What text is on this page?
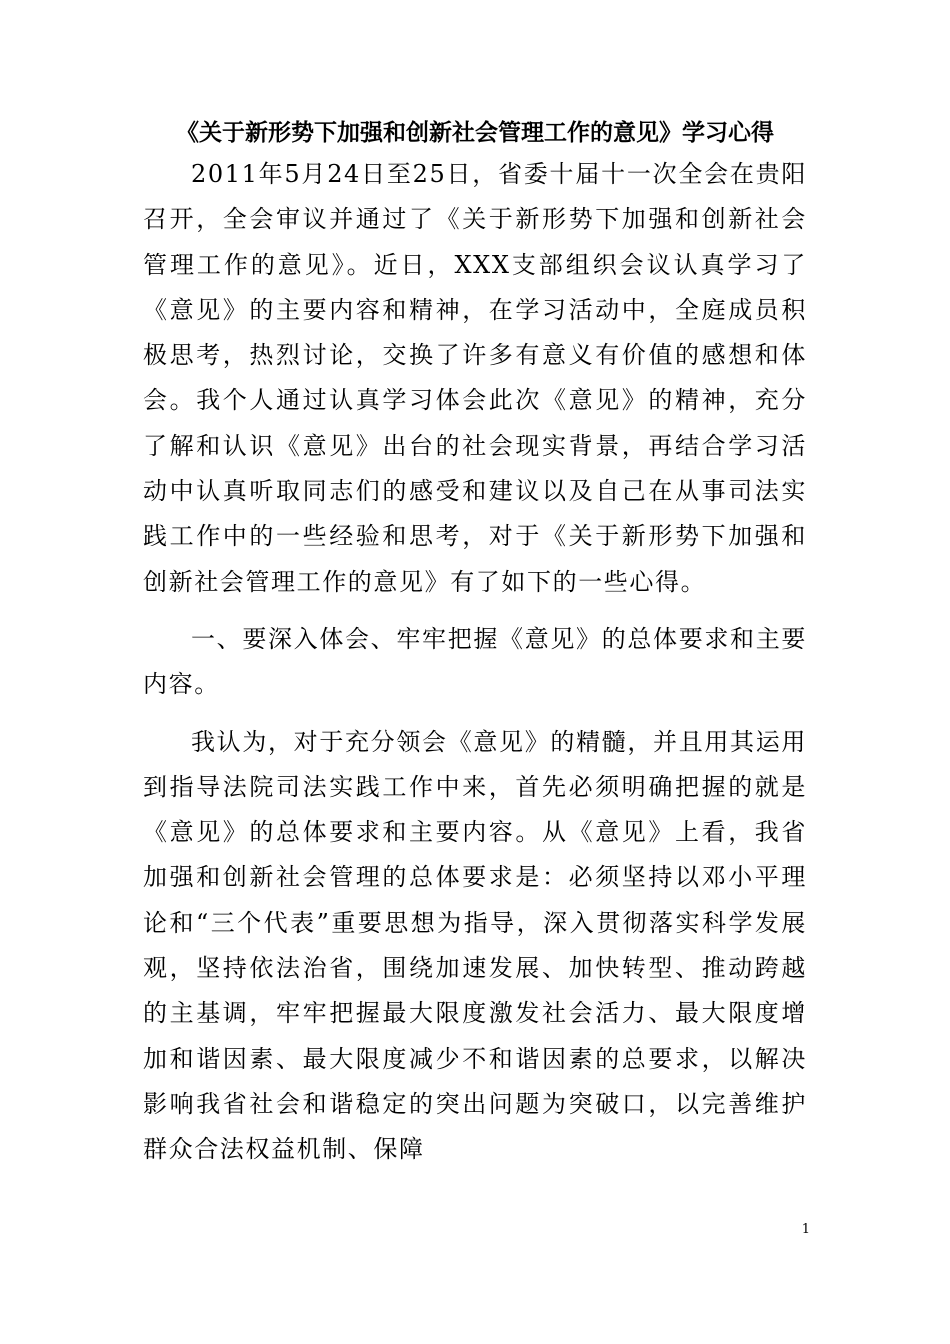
《关于新形势下加强和创新社会管理工作的意见》学习心得

2011年5月24日至25日，省委十届十一次全会在贵阳召开，全会审议并通过了《关于新形势下加强和创新社会管理工作的意见》。近日，XXX支部组织会议认真学习了《意见》的主要内容和精神，在学习活动中，全庭成员积极思考，热烈讨论，交换了许多有意义有价值的感想和体会。我个人通过认真学习体会此次《意见》的精神，充分了解和认识《意见》出台的社会现实背景，再结合学习活动中认真听取同志们的感受和建议以及自己在从事司法实践工作中的一些经验和思考，对于《关于新形势下加强和创新社会管理工作的意见》有了如下的一些心得。

一、要深入体会、牢牢把握《意见》的总体要求和主要内容。

我认为，对于充分领会《意见》的精髓，并且用其运用到指导法院司法实践工作中来，首先必须明确把握的就是《意见》的总体要求和主要内容。从《意见》上看，我省加强和创新社会管理的总体要求是：必须坚持以邓小平理论和“三个代表”重要思想为指导，深入贯彻落实科学发展观，坚持依法治省，围绕加速发展、加快转型、推动跨越的主基调，牢牢把握最大限度激发社会活力、最大限度增加和谐因素、最大限度减少不和谐因素的总要求，以解决影响我省社会和谐稳定的突出问题为突破口，以完善维护群众合法权益机制、保障

1
